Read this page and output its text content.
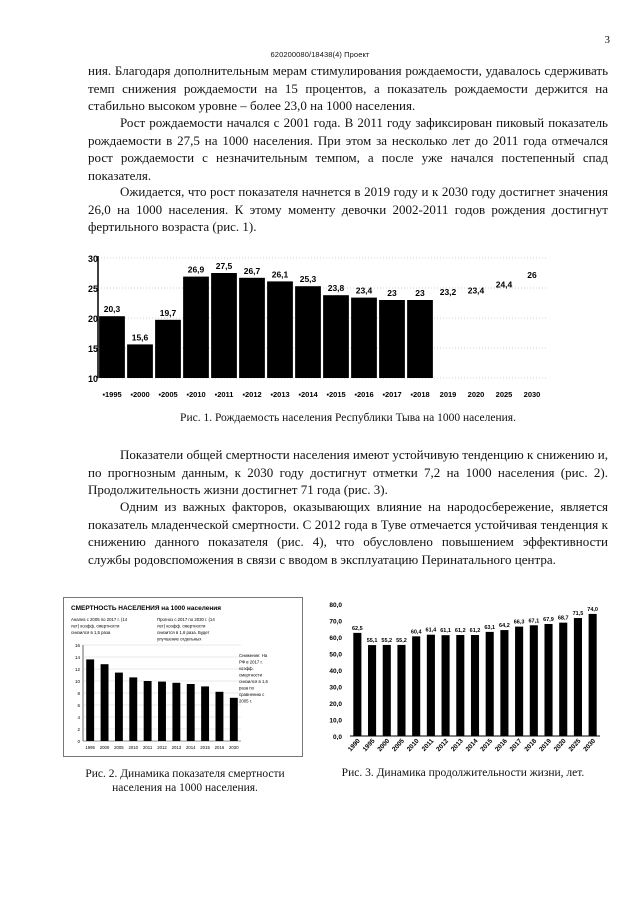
3
620200080/18438(4) Проект

ния. Благодаря дополнительным мерам стимулирования рождаемости, удавалось сдерживать темп снижения рождаемости на 15 процентов, а показатель рождаемости держится на стабильно высоком уровне – более 23,0 на 1000 населения.

Рост рождаемости начался с 2001 года. В 2011 году зафиксирован пиковый показатель рождаемости в 27,5 на 1000 населения. При этом за несколько лет до 2011 года отмечался рост рождаемости с незначительным темпом, а после уже начался постепенный спад показателя.

Ожидается, что рост показателя начнется в 2019 году и к 2030 году достигнет значения 26,0 на 1000 населения. К этому моменту девочки 2002-2011 годов рождения достигнут фертильного возраста (рис. 1).

10
15
20
25
30
20,3
▪1995
15,6
▪2000
19,7
▪2005
26,9
▪2010
27,5
▪2011
26,7
▪2012
26,1
▪2013
25,3
▪2014
23,8
▪2015
23,4
▪2016
23
▪2017
23
▪2018
23,2
2019
23,4
2020
24,4
2025
26
2030
Рис. 1. Рождаемость населения Республики Тыва на 1000 населения.

Показатели общей смертности населения имеют устойчивую тенденцию к снижению и, по прогнозным данным, к 2030 году достигнут отметки 7,2 на 1000 населения (рис. 2). Продолжительность жизни достигнет 71 года (рис. 3).

Одним из важных факторов, оказывающих влияние на народосбережение, является показатель младенческой смертности. С 2012 года в Туве отмечается устойчивая тенденция к снижению данного показателя (рис. 4), что обусловлено повышением эффективности службы родовспоможения в связи с вводом в эксплуатацию Перинатального центра.

СМЕРТНОСТЬ НАСЕЛЕНИЯ на 1000 населения
Анализ с 2005 по 2017 г. (14
лет) коэфф. смертности
снизился в 1,5 раза
Прогноз с 2017 по 2030 г. (14
лет) коэфф. смертности
снизится в 1,6 раза. Будет
улучшение отдельных
Снижение: На
РФ в 2017 г.
коэфф.
смертности
снизился в 1,6
раза по
сравнению с
2005 г.
0
2
4
6
8
10
12
14
16
1995 2000 2005 2010 2011 2012 2013 2014 2015 2016 2030
Рис. 2. Динамика показателя смертности
населения на 1000 населения.
0,0
10,0
20,0
30,0
40,0
50,0
60,0
70,0
80,0
62,5
1990
55,1
1995
55,2
2000
55,2
2005
60,4
2010
61,4
2011
61,1
2012
61,2
2013
61,2
2014
63,1
2015
64,2
2016
66,3
2017
67,1
2018
67,9
2019
68,7
2020
71,5
2025
74,0
2030
Рис. 3. Динамика продолжительности жизни, лет.
